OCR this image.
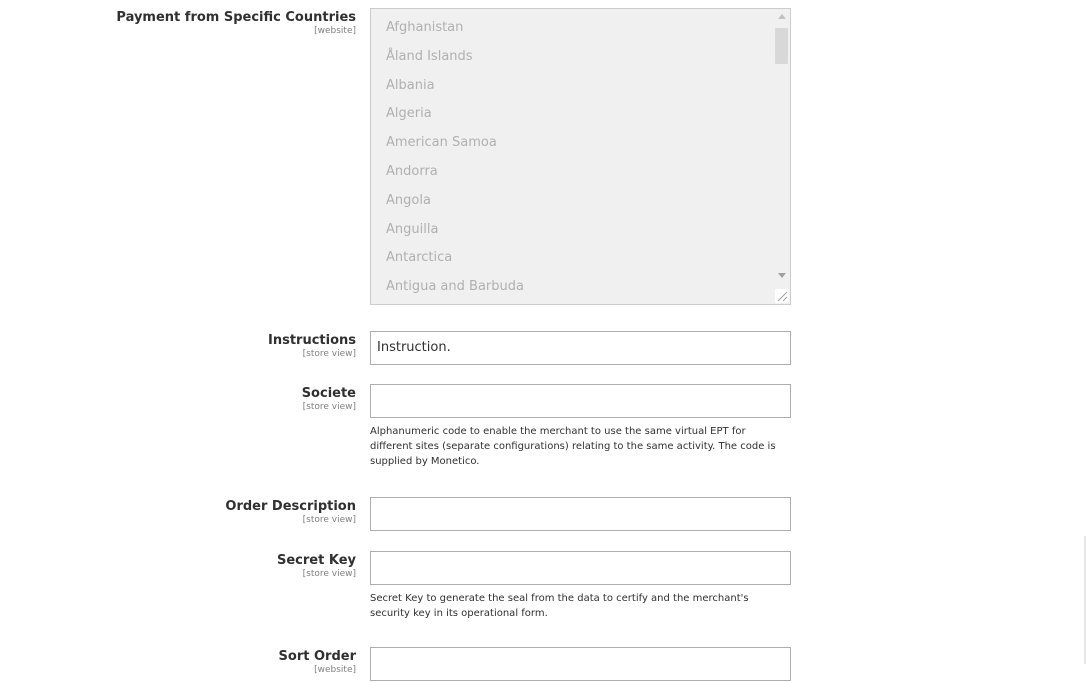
Payment from Specific Countries
[website]	Afghanistan
Åland Islands
Albania
Algeria
American Samoa
Andorra
Angola
Anguilla
Antarctica
Antigua and Barbuda
Instructions
[store view]	Instruction.
Societe
[store view]
Alphanumeric code to enable the merchant to use the same virtual EPT for different sites (separate configurations) relating to the same activity. The code is supplied by Monetico.
Order Description
[store view]
Secret Key
[store view]
Secret Key to generate the seal from the data to certify and the merchant's security key in its operational form.
Sort Order
[website]
